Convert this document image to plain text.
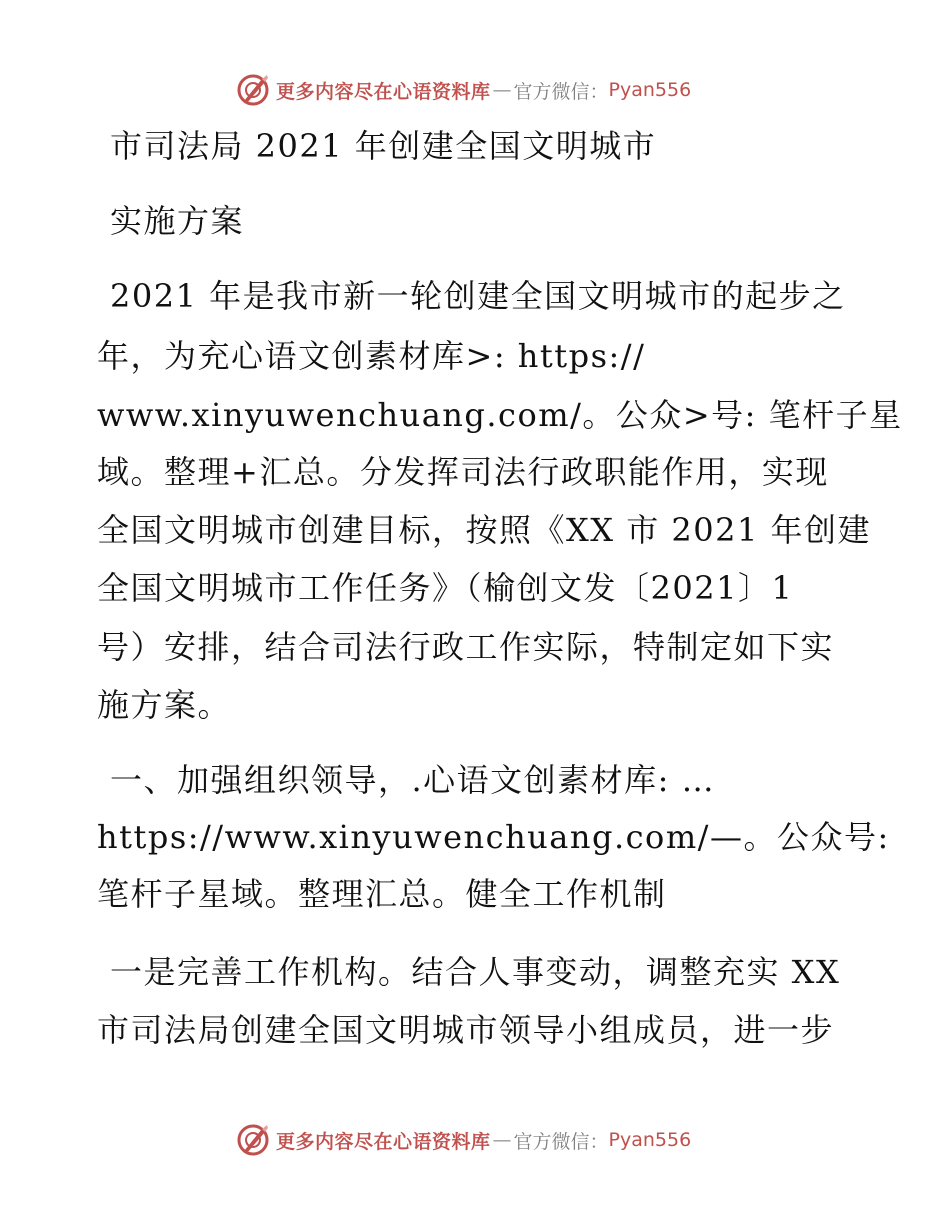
更多内容尽在心语资料库 — 官方微信： Pyan556
市司法局 2021 年创建全国文明城市
实施方案
2021 年是我市新一轮创建全国文明城市的起步之
年，为充心语文创素材库>: https://
www.xinyuwenchuang.com/。公众>号: 笔杆子星
域。整理+汇总。分发挥司法行政职能作用，实现
全国文明城市创建目标，按照《XX 市 2021 年创建
全国文明城市工作任务》（榆创文发〔2021〕1
号）安排，结合司法行政工作实际，特制定如下实
施方案。
一、加强组织领导，.心语文创素材库: …
https://www.xinyuwenchuang.com/—。公众号:
笔杆子星域。整理汇总。健全工作机制
一是完善工作机构。结合人事变动，调整充实 XX
市司法局创建全国文明城市领导小组成员，进一步
更多内容尽在心语资料库 — 官方微信： Pyan556
